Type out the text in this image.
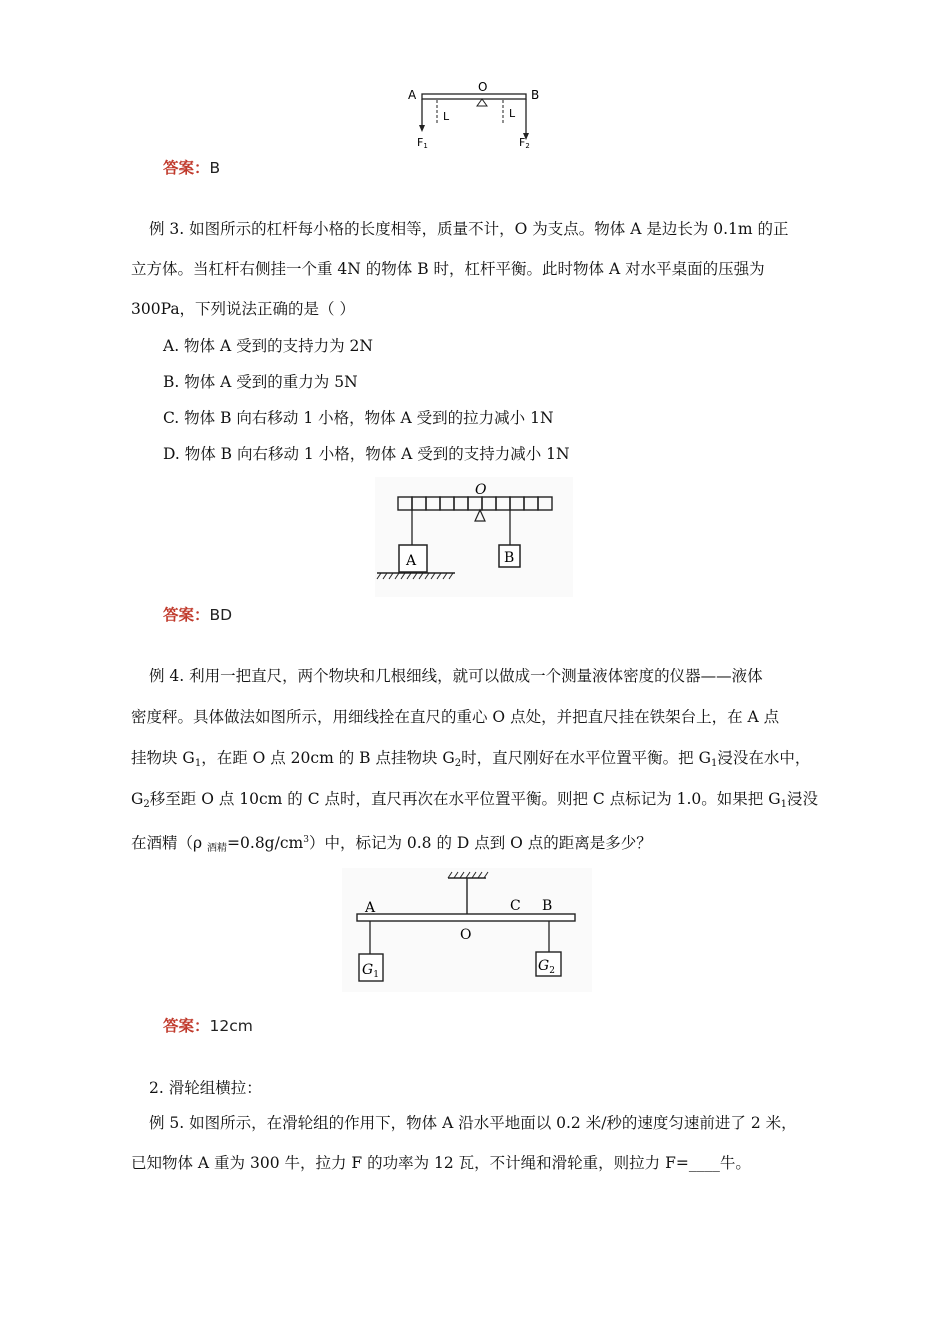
A
O
B
L	L
F1	F2
答案：B
例 3. 如图所示的杠杆每小格的长度相等，质量不计，O 为支点。物体 A 是边长为 0.1m 的正
立方体。当杠杆右侧挂一个重 4N 的物体 B 时，杠杆平衡。此时物体 A 对水平桌面的压强为
300Pa，下列说法正确的是（ ）
A. 物体 A 受到的支持力为 2N
B. 物体 A 受到的重力为 5N
C. 物体 B 向右移动 1 小格，物体 A 受到的拉力减小 1N
D. 物体 B 向右移动 1 小格，物体 A 受到的支持力减小 1N
O
A	B
答案：BD
例 4. 利用一把直尺，两个物块和几根细线，就可以做成一个测量液体密度的仪器——液体
密度秤。具体做法如图所示，用细线拴在直尺的重心 O 点处，并把直尺挂在铁架台上，在 A 点
挂物块 $G_1$，在距 O 点 20cm 的 B 点挂物块 $G_2$时，直尺刚好在水平位置平衡。把 $G_1$浸没在水中，
$G_2$移至距 O 点 10cm 的 C 点时，直尺再次在水平位置平衡。则把 C 点标记为 1.0。如果把 $G_1$浸没
在酒精（ρ $_{酒精}=0.8g/cm^3$）中，标记为 0.8 的 D 点到 O 点的距离是多少？
A	C B
O
$G_1$
$G_2$
答案：12cm
2. 滑轮组横拉：
例 5. 如图所示，在滑轮组的作用下，物体 A 沿水平地面以 0.2 米/秒的速度匀速前进了 2 米，
已知物体 A 重为 300 牛，拉力 F 的功率为 12 瓦，不计绳和滑轮重，则拉力 F=____牛。
